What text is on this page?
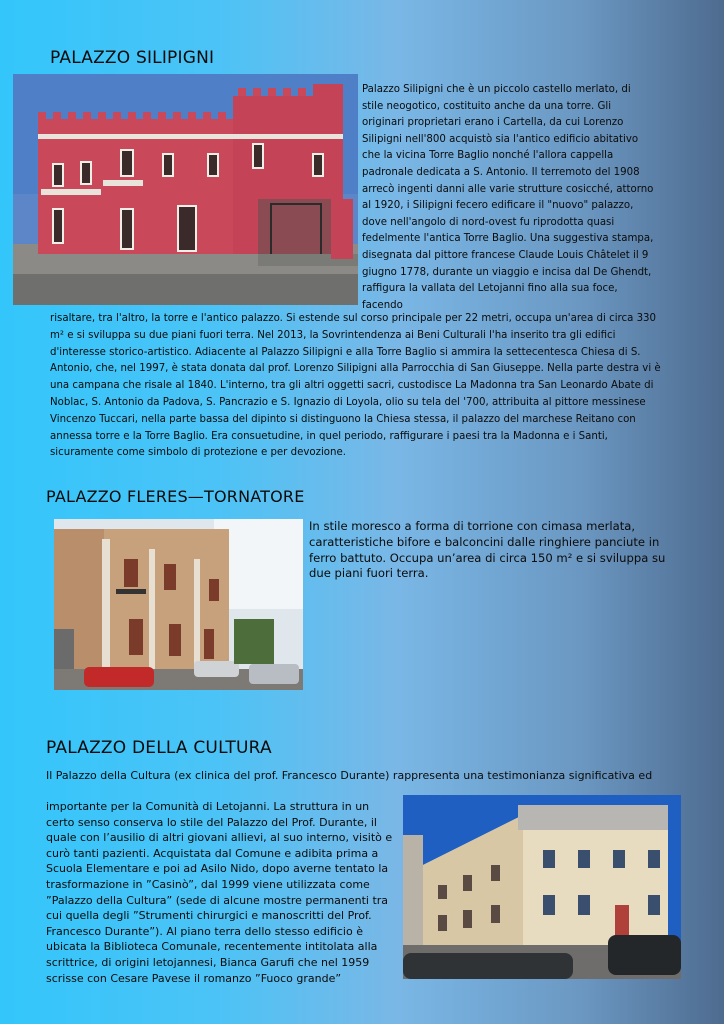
PALAZZO SILIPIGNI

Palazzo Silipigni che è un piccolo castello merlato, di stile neogotico, costituito anche da una torre. Gli originari proprietari erano i Cartella, da cui Lorenzo Silipigni nell'800 acquistò sia l'antico edificio abitativo che la vicina Torre Baglio nonché l'allora cappella padronale dedicata a S. Antonio. Il terremoto del 1908 arrecò ingenti danni alle varie strutture cosicché, attorno al 1920, i Silipigni fecero edificare il "nuovo" palazzo, dove nell'angolo di nord-ovest fu riprodotta quasi fedelmente l'antica Torre Baglio. Una suggestiva stampa, disegnata dal pittore francese Claude Louis Châtelet il 9 giugno 1778, durante un viaggio e incisa dal De Ghendt, raffigura la vallata del Letojanni fino alla sua foce, facendo

risaltare, tra l'altro, la torre e l'antico palazzo. Si estende sul corso principale per 22 metri, occupa un'area di circa 330 m² e si sviluppa su due piani fuori terra. Nel 2013, la Sovrintendenza ai Beni Culturali l'ha inserito tra gli edifici d'interesse storico-artistico. Adiacente al Palazzo Silipigni e alla Torre Baglio si ammira la settecentesca Chiesa di S. Antonio, che, nel 1997, è stata donata dal prof. Lorenzo Silipigni alla Parrocchia di San Giuseppe. Nella parte destra vi è una campana che risale al 1840. L'interno, tra gli altri oggetti sacri, custodisce La Madonna tra San Leonardo Abate di Noblac, S. Antonio da Padova, S. Pancrazio e S. Ignazio di Loyola, olio su tela del '700, attribuita al pittore messinese Vincenzo Tuccari, nella parte bassa del dipinto si distinguono la Chiesa stessa, il palazzo del marchese Reitano con annessa torre e la Torre Baglio. Era consuetudine, in quel periodo, raffigurare i paesi tra la Madonna e i Santi, sicuramente come simbolo di protezione e per devozione.

PALAZZO FLERES—TORNATORE

In stile moresco a forma di torrione con cimasa merlata, caratteristiche bifore e balconcini dalle ringhiere panciute in ferro battuto. Occupa un’area di circa 150 m² e si sviluppa su due piani fuori terra.

PALAZZO DELLA CULTURA

Il Palazzo della Cultura (ex clinica del prof. Francesco Durante) rappresenta una testimonianza significativa ed

importante per la Comunità di Letojanni. La struttura in un certo senso conserva lo stile del Palazzo del Prof. Durante, il quale con l’ausilio di altri giovani allievi, al suo interno, visitò e curò tanti pazienti. Acquistata dal Comune e adibita prima a Scuola Elementare e poi ad Asilo Nido, dopo averne tentato la trasformazione in ”Casinò”, dal 1999 viene utilizzata come ”Palazzo della Cultura” (sede di alcune mostre permanenti tra cui quella degli ”Strumenti chirurgici e manoscritti del Prof. Francesco Durante”). Al piano terra dello stesso edificio è ubicata la Biblioteca Comunale, recentemente intitolata alla scrittrice, di origini letojannesi, Bianca Garufi che nel 1959 scrisse con Cesare Pavese il romanzo ”Fuoco grande”
